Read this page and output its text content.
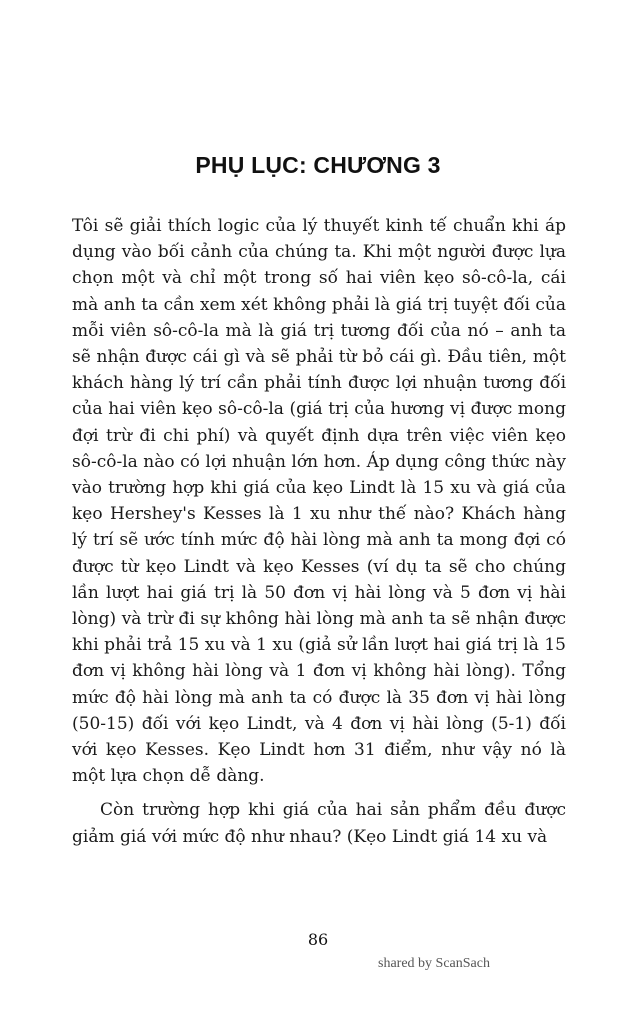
PHỤ LỤC: CHƯƠNG 3

Tôi sẽ giải thích logic của lý thuyết kinh tế chuẩn khi áp dụng vào bối cảnh của chúng ta. Khi một người được lựa chọn một và chỉ một trong số hai viên kẹo sô-cô-la, cái mà anh ta cần xem xét không phải là giá trị tuyệt đối của mỗi viên sô-cô-la mà là giá trị tương đối của nó – anh ta sẽ nhận được cái gì và sẽ phải từ bỏ cái gì. Đầu tiên, một khách hàng lý trí cần phải tính được lợi nhuận tương đối của hai viên kẹo sô-cô-la (giá trị của hương vị được mong đợi trừ đi chi phí) và quyết định dựa trên việc viên kẹo sô-cô-la nào có lợi nhuận lớn hơn. Áp dụng công thức này vào trường hợp khi giá của kẹo Lindt là 15 xu và giá của kẹo Hershey's Kesses là 1 xu như thế nào? Khách hàng lý trí sẽ ước tính mức độ hài lòng mà anh ta mong đợi có được từ kẹo Lindt và kẹo Kesses (ví dụ ta sẽ cho chúng lần lượt hai giá trị là 50 đơn vị hài lòng và 5 đơn vị hài lòng) và trừ đi sự không hài lòng mà anh ta sẽ nhận được khi phải trả 15 xu và 1 xu (giả sử lần lượt hai giá trị là 15 đơn vị không hài lòng và 1 đơn vị không hài lòng). Tổng mức độ hài lòng mà anh ta có được là 35 đơn vị hài lòng (50-15) đối với kẹo Lindt, và 4 đơn vị hài lòng (5-1) đối với kẹo Kesses. Kẹo Lindt hơn 31 điểm, như vậy nó là một lựa chọn dễ dàng.

Còn trường hợp khi giá của hai sản phẩm đều được giảm giá với mức độ như nhau? (Kẹo Lindt giá 14 xu và

86
shared by ScanSach
